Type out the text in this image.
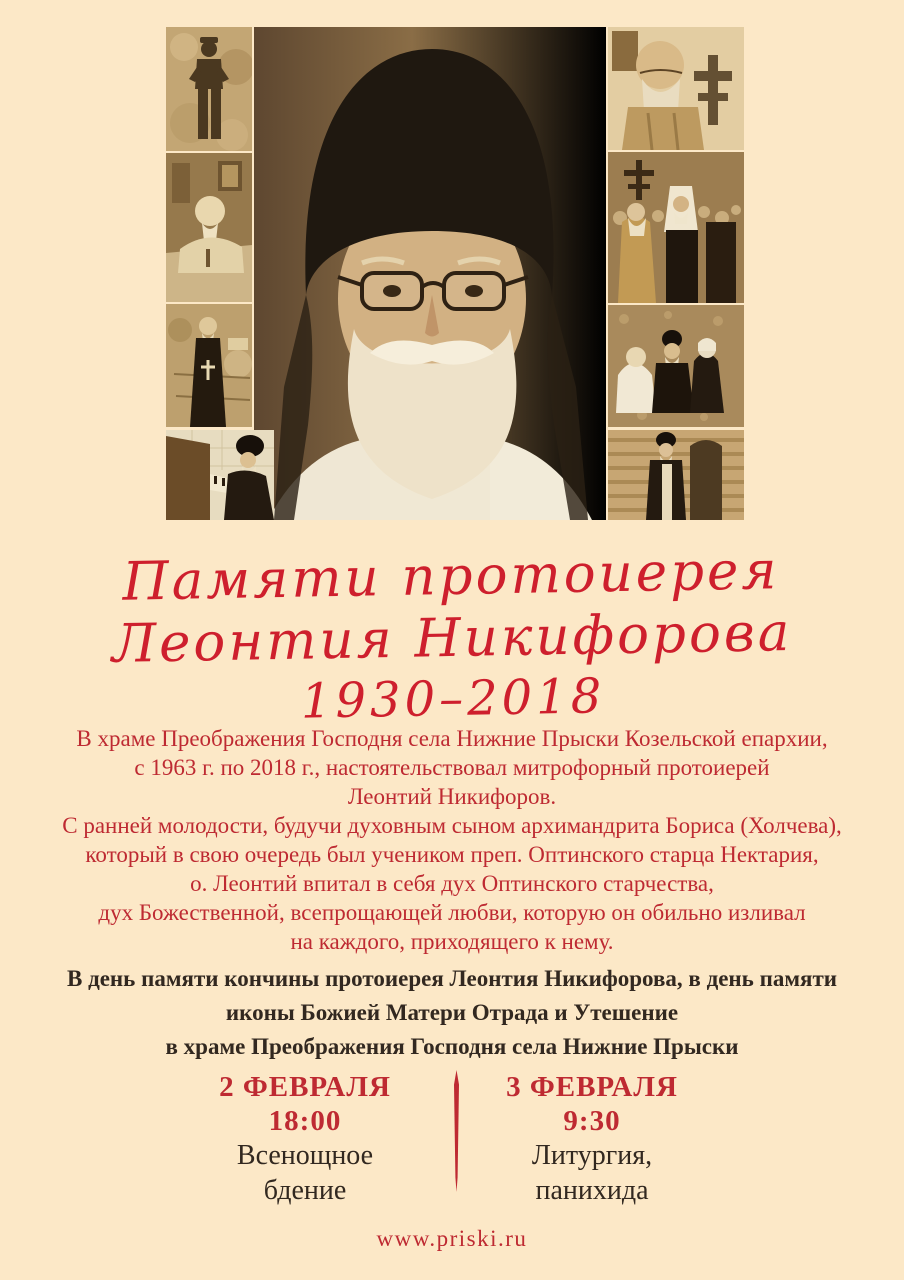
Памяти протоиерея
Леонтия Никифорова
1930–2018
В храме Преображения Господня села Нижние Прыски Козельской епархии,
с 1963 г. по 2018 г., настоятельствовал митрофорный протоиерей
Леонтий Никифоров.
С ранней молодости, будучи духовным сыном архимандрита Бориса (Холчева),
который в свою очередь был учеником преп. Оптинского старца Нектария,
о. Леонтий впитал в себя дух Оптинского старчества,
дух Божественной, всепрощающей любви, которую он обильно изливал
на каждого, приходящего к нему.
В день памяти кончины протоиерея Леонтия Никифорова, в день памяти
иконы Божией Матери Отрада и Утешение
в храме Преображения Господня села Нижние Прыски
2 ФЕВРАЛЯ
18:00
Всенощное
бдение
3 ФЕВРАЛЯ
9:30
Литургия,
панихида
www.priski.ru
